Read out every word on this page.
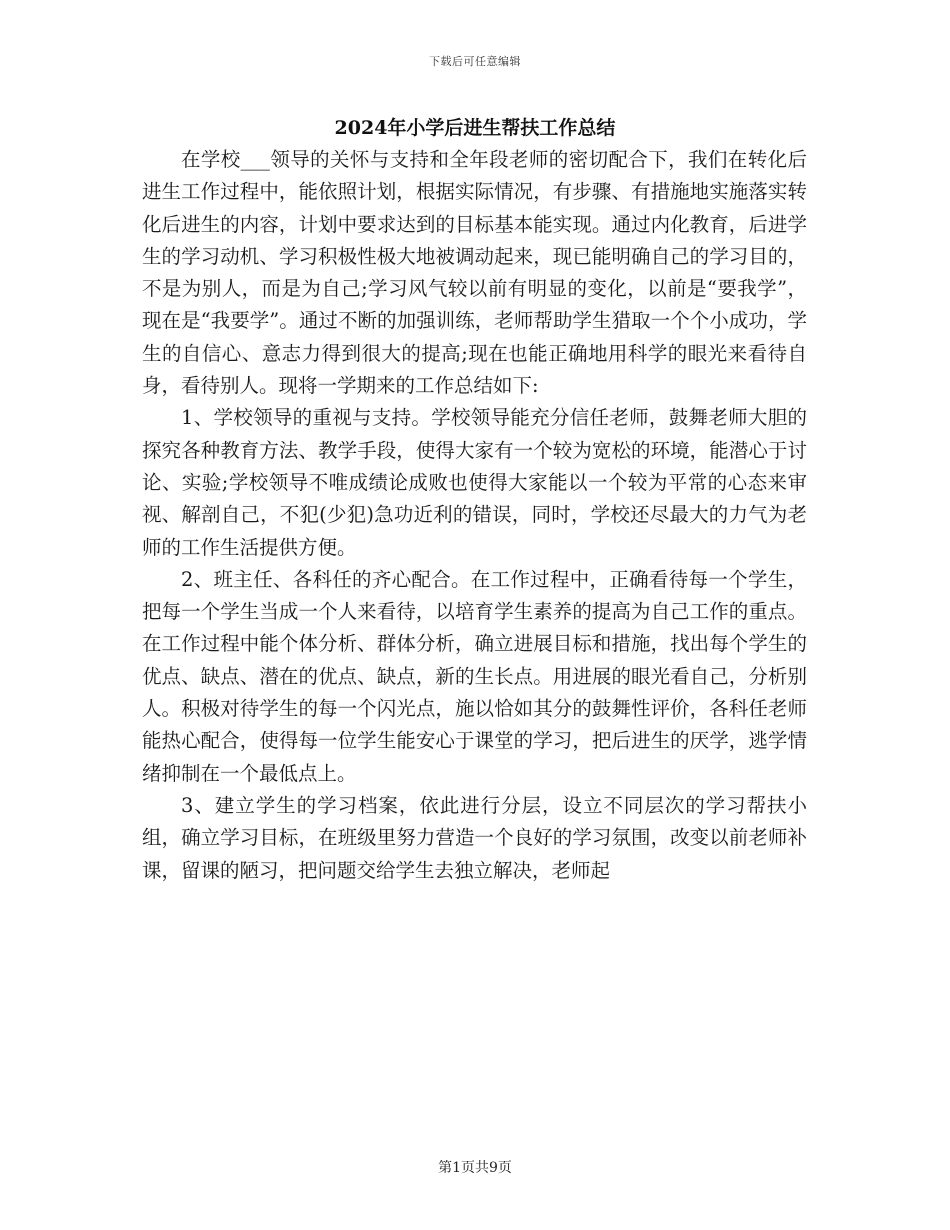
下载后可任意编辑
2024年小学后进生帮扶工作总结

在学校___领导的关怀与支持和全年段老师的密切配合下，我们在转化后进生工作过程中，能依照计划，根据实际情况，有步骤、有措施地实施落实转化后进生的内容，计划中要求达到的目标基本能实现。通过内化教育，后进学生的学习动机、学习积极性极大地被调动起来，现已能明确自己的学习目的，不是为别人，而是为自己;学习风气较以前有明显的变化，以前是“要我学”，现在是“我要学”。通过不断的加强训练，老师帮助学生猎取一个个小成功，学生的自信心、意志力得到很大的提高;现在也能正确地用科学的眼光来看待自身，看待别人。现将一学期来的工作总结如下:

1、学校领导的重视与支持。学校领导能充分信任老师，鼓舞老师大胆的探究各种教育方法、教学手段，使得大家有一个较为宽松的环境，能潜心于讨论、实验;学校领导不唯成绩论成败也使得大家能以一个较为平常的心态来审视、解剖自己，不犯(少犯)急功近利的错误，同时，学校还尽最大的力气为老师的工作生活提供方便。

2、班主任、各科任的齐心配合。在工作过程中，正确看待每一个学生，把每一个学生当成一个人来看待，以培育学生素养的提高为自己工作的重点。在工作过程中能个体分析、群体分析，确立进展目标和措施，找出每个学生的优点、缺点、潜在的优点、缺点，新的生长点。用进展的眼光看自己，分析别人。积极对待学生的每一个闪光点，施以恰如其分的鼓舞性评价，各科任老师能热心配合，使得每一位学生能安心于课堂的学习，把后进生的厌学，逃学情绪抑制在一个最低点上。

3、建立学生的学习档案，依此进行分层，设立不同层次的学习帮扶小组，确立学习目标，在班级里努力营造一个良好的学习氛围，改变以前老师补课，留课的陋习，把问题交给学生去独立解决，老师起

第1页共9页
